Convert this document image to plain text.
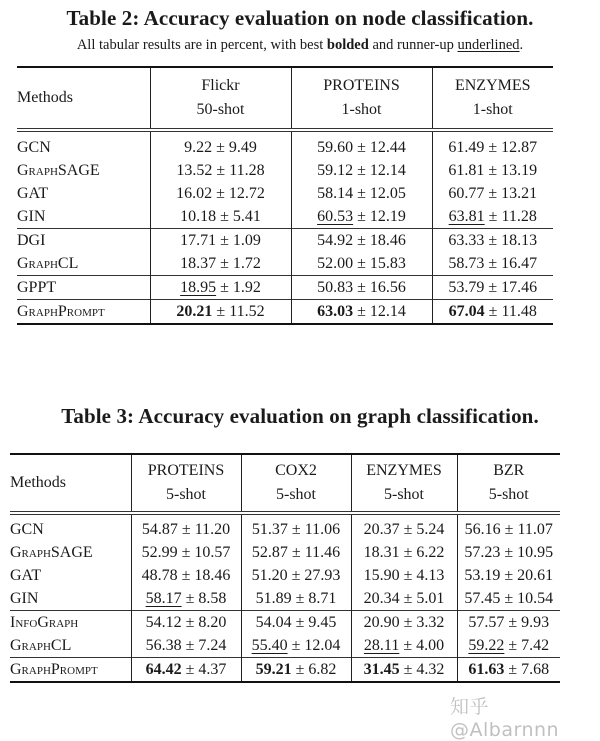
Table 2: Accuracy evaluation on node classification.
All tabular results are in percent, with best bolded and runner-up underlined.
Methods	Flickr	PROTEINS	ENZYMES
	50-shot	1-shot	1-shot
GCN	9.22 ± 9.49	59.60 ± 12.44	61.49 ± 12.87
GraphSAGE	13.52 ± 11.28	59.12 ± 12.14	61.81 ± 13.19
GAT	16.02 ± 12.72	58.14 ± 12.05	60.77 ± 13.21
GIN	10.18 ± 5.41	60.53 ± 12.19	63.81 ± 11.28
DGI	17.71 ± 1.09	54.92 ± 18.46	63.33 ± 18.13
GraphCL	18.37 ± 1.72	52.00 ± 15.83	58.73 ± 16.47
GPPT	18.95 ± 1.92	50.83 ± 16.56	53.79 ± 17.46
GraphPrompt	20.21 ± 11.52	63.03 ± 12.14	67.04 ± 11.48
Table 3: Accuracy evaluation on graph classification.
Methods	PROTEINS	COX2	ENZYMES	BZR
	5-shot	5-shot	5-shot	5-shot
GCN	54.87 ± 11.20	51.37 ± 11.06	20.37 ± 5.24	56.16 ± 11.07
GraphSAGE	52.99 ± 10.57	52.87 ± 11.46	18.31 ± 6.22	57.23 ± 10.95
GAT	48.78 ± 18.46	51.20 ± 27.93	15.90 ± 4.13	53.19 ± 20.61
GIN	58.17 ± 8.58	51.89 ± 8.71	20.34 ± 5.01	57.45 ± 10.54
InfoGraph	54.12 ± 8.20	54.04 ± 9.45	20.90 ± 3.32	57.57 ± 9.93
GraphCL	56.38 ± 7.24	55.40 ± 12.04	28.11 ± 4.00	59.22 ± 7.42
GraphPrompt	64.42 ± 4.37	59.21 ± 6.82	31.45 ± 4.32	61.63 ± 7.68
知乎 @Albarnnn
